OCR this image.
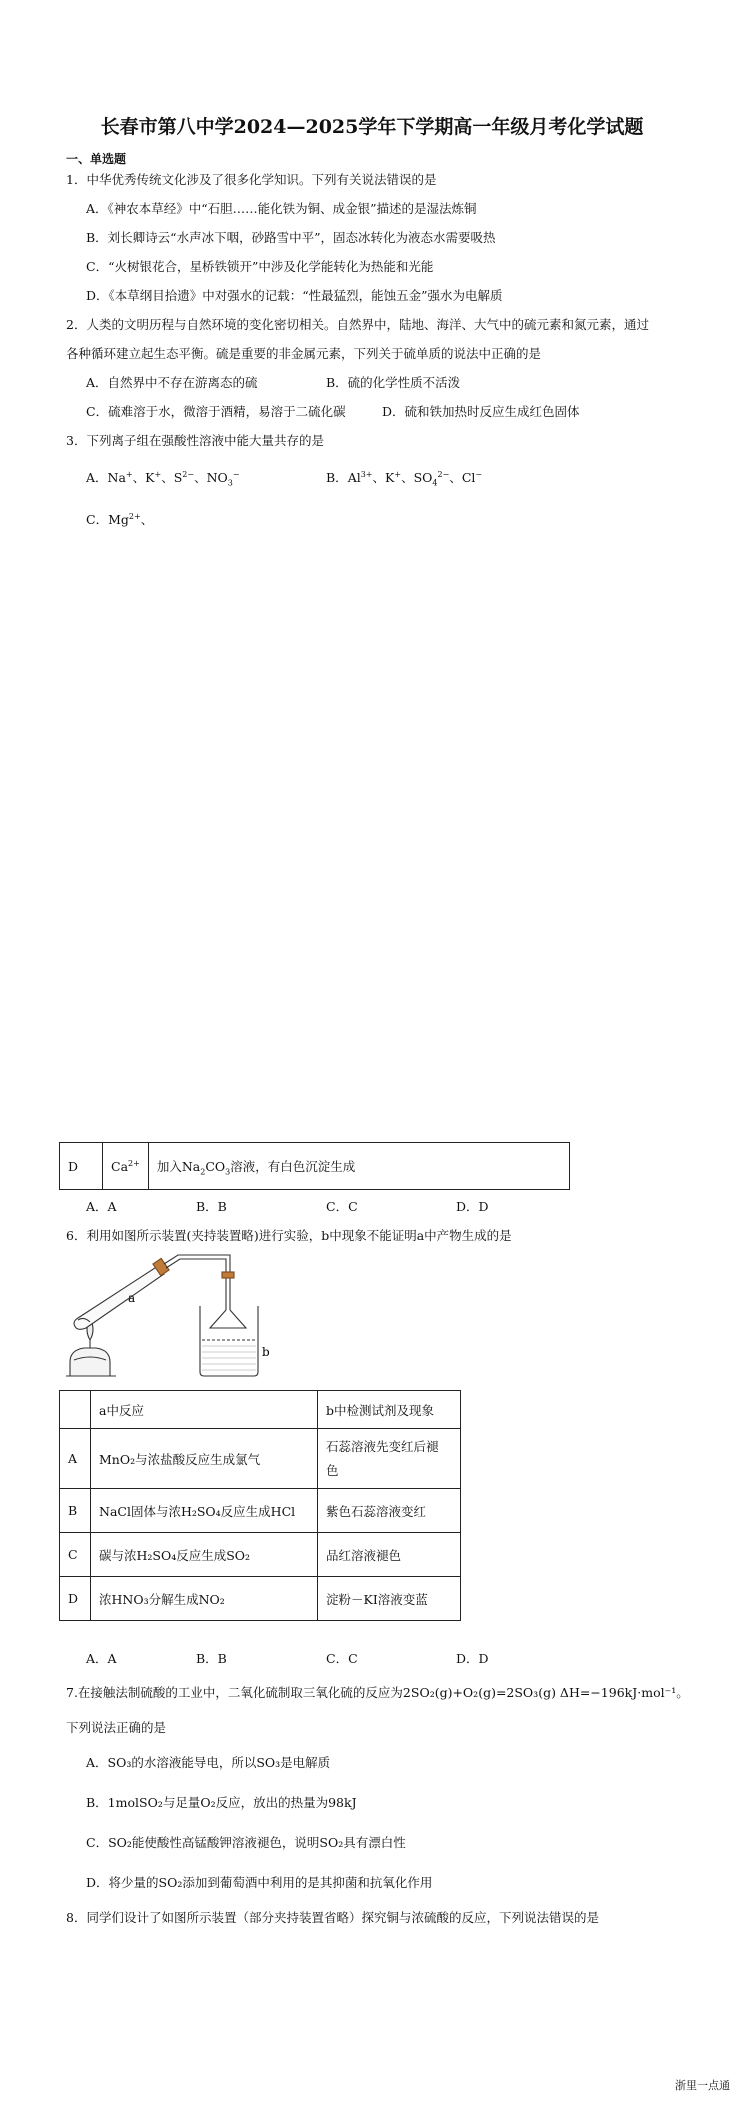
长春市第八中学2024—2025学年下学期高一年级月考化学试题
一、单选题
1．中华优秀传统文化涉及了很多化学知识。下列有关说法错误的是
A．《神农本草经》中“石胆……能化铁为铜、成金银”描述的是湿法炼铜
B．刘长卿诗云“水声冰下咽，砂路雪中平”，固态冰转化为液态水需要吸热
C．“火树银花合，星桥铁锁开”中涉及化学能转化为热能和光能
D．《本草纲目拾遗》中对强水的记载：“性最猛烈，能蚀五金”强水为电解质
2．人类的文明历程与自然环境的变化密切相关。自然界中，陆地、海洋、大气中的硫元素和氮元素，通过
各种循环建立起生态平衡。硫是重要的非金属元素，下列关于硫单质的说法中正确的是
A．自然界中不存在游离态的硫	B．硫的化学性质不活泼
C．硫难溶于水，微溶于酒精，易溶于二硫化碳	D．硫和铁加热时反应生成红色固体
3．下列离子组在强酸性溶液中能大量共存的是
A．Na+、K+、$S^{2-}$、$NO_3^-$	B．$Al^{3+}$、K+、$SO_4^{2-}$、Cl−
C．$Mg^{2+}$、
D	$Ca^{2+}$	加入$Na_2CO_3$溶液，有白色沉淀生成
A．A	B．B	C．C	D．D
6．利用如图所示装置(夹持装置略)进行实验，b中现象不能证明a中产物生成的是
a
b
	a中反应	b中检测试剂及现象
A	MnO₂与浓盐酸反应生成氯气	石蕊溶液先变红后褪
色
B	NaCl固体与浓H₂SO₄反应生成HCl	紫色石蕊溶液变红
C	碳与浓H₂SO₄反应生成SO₂	品红溶液褪色
D	浓HNO₃分解生成NO₂	淀粉－KI溶液变蓝
A．A	B．B	C．C	D．D
7.在接触法制硫酸的工业中，二氧化硫制取三氧化硫的反应为2SO₂(g)+O₂(g)=2SO₃(g) ΔH=−196kJ·mol⁻¹。
下列说法正确的是
A．SO₃的水溶液能导电，所以SO₃是电解质
B．1molSO₂与足量O₂反应，放出的热量为98kJ
C．SO₂能使酸性高锰酸钾溶液褪色，说明SO₂具有漂白性
D．将少量的SO₂添加到葡萄酒中利用的是其抑菌和抗氧化作用
8．同学们设计了如图所示装置（部分夹持装置省略）探究铜与浓硫酸的反应，下列说法错误的是
浙里一点通
